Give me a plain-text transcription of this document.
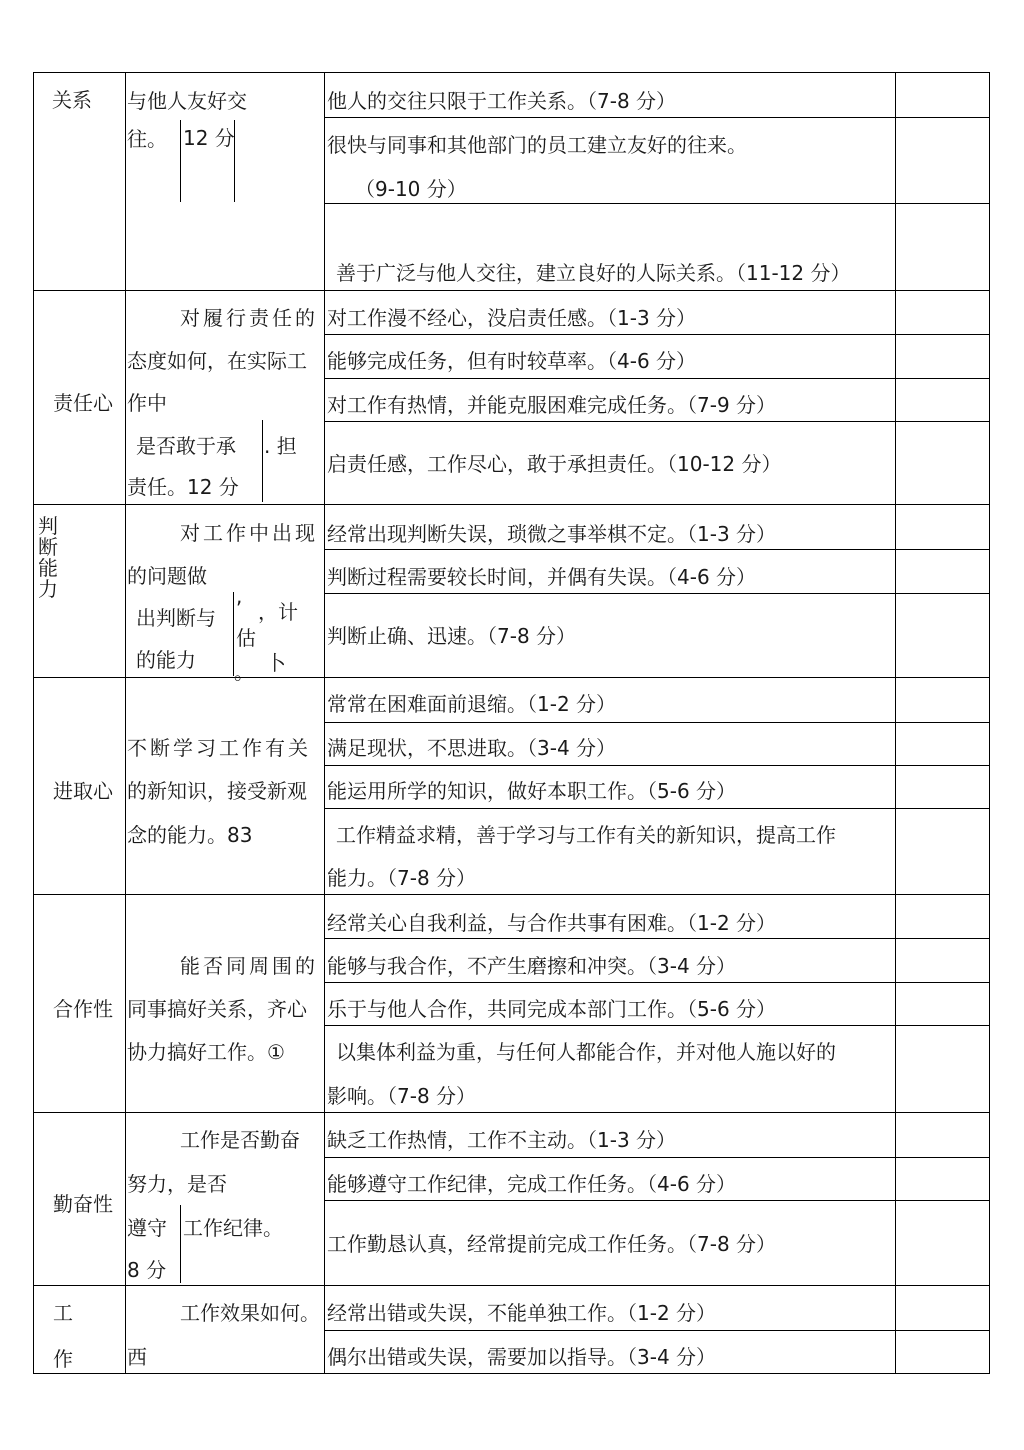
关系 与他人友好交
往。 12 分
他人的交往只限于工作关系。（7-8 分）
很快与同事和其他部门的员工建立友好的往来。
（9-10 分）
善于广泛与他人交往，建立良好的人际关系。（11-12 分）
责任心
对履行责任的
态度如何，在实际工
作中
是否敢于承 . 担
责任。12 分
对工作漫不经心，没启责任感。（1-3 分）
能够完成任务，但有时较草率。（4-6 分）
对工作有热情，并能克服困难完成任务。（7-9 分）
启责任感，工作尽心，敢于承担责任。（10-12 分）
判断能力
对工作中出现
的问题做
出判断与
的能力
,
，计
估
卜
。
经常出现判断失误，琐微之事举棋不定。（1-3 分）
判断过程需要较长时间，并偶有失误。（4-6 分）
判断止确、迅速。（7-8 分）
进取心
不断学习工作有关
的新知识，接受新观
念的能力。83
常常在困难面前退缩。（1-2 分）
满足现状，不思进取。（3-4 分）
能运用所学的知识，做好本职工作。（5-6 分）
工作精益求精，善于学习与工作有关的新知识，提高工作
能力。（7-8 分）
合作性
能否同周围的
同事搞好关系，齐心
协力搞好工作。①
经常关心自我利益，与合作共事有困难。（1-2 分）
能够与我合作，不产生磨擦和冲突。（3-4 分）
乐于与他人合作，共同完成本部门工作。（5-6 分）
以集体利益为重，与任何人都能合作，并对他人施以好的
影响。（7-8 分）
勤奋性
工作是否勤奋
努力，是否
遵守 工作纪律。
8 分
缺乏工作热情，工作不主动。（1-3 分）
能够遵守工作纪律，完成工作任务。（4-6 分）
工作勤恳认真，经常提前完成工作任务。（7-8 分）
工
作
工作效果如何。
西
经常出错或失误，不能单独工作。（1-2 分）
偶尔出错或失误，需要加以指导。（3-4 分）
